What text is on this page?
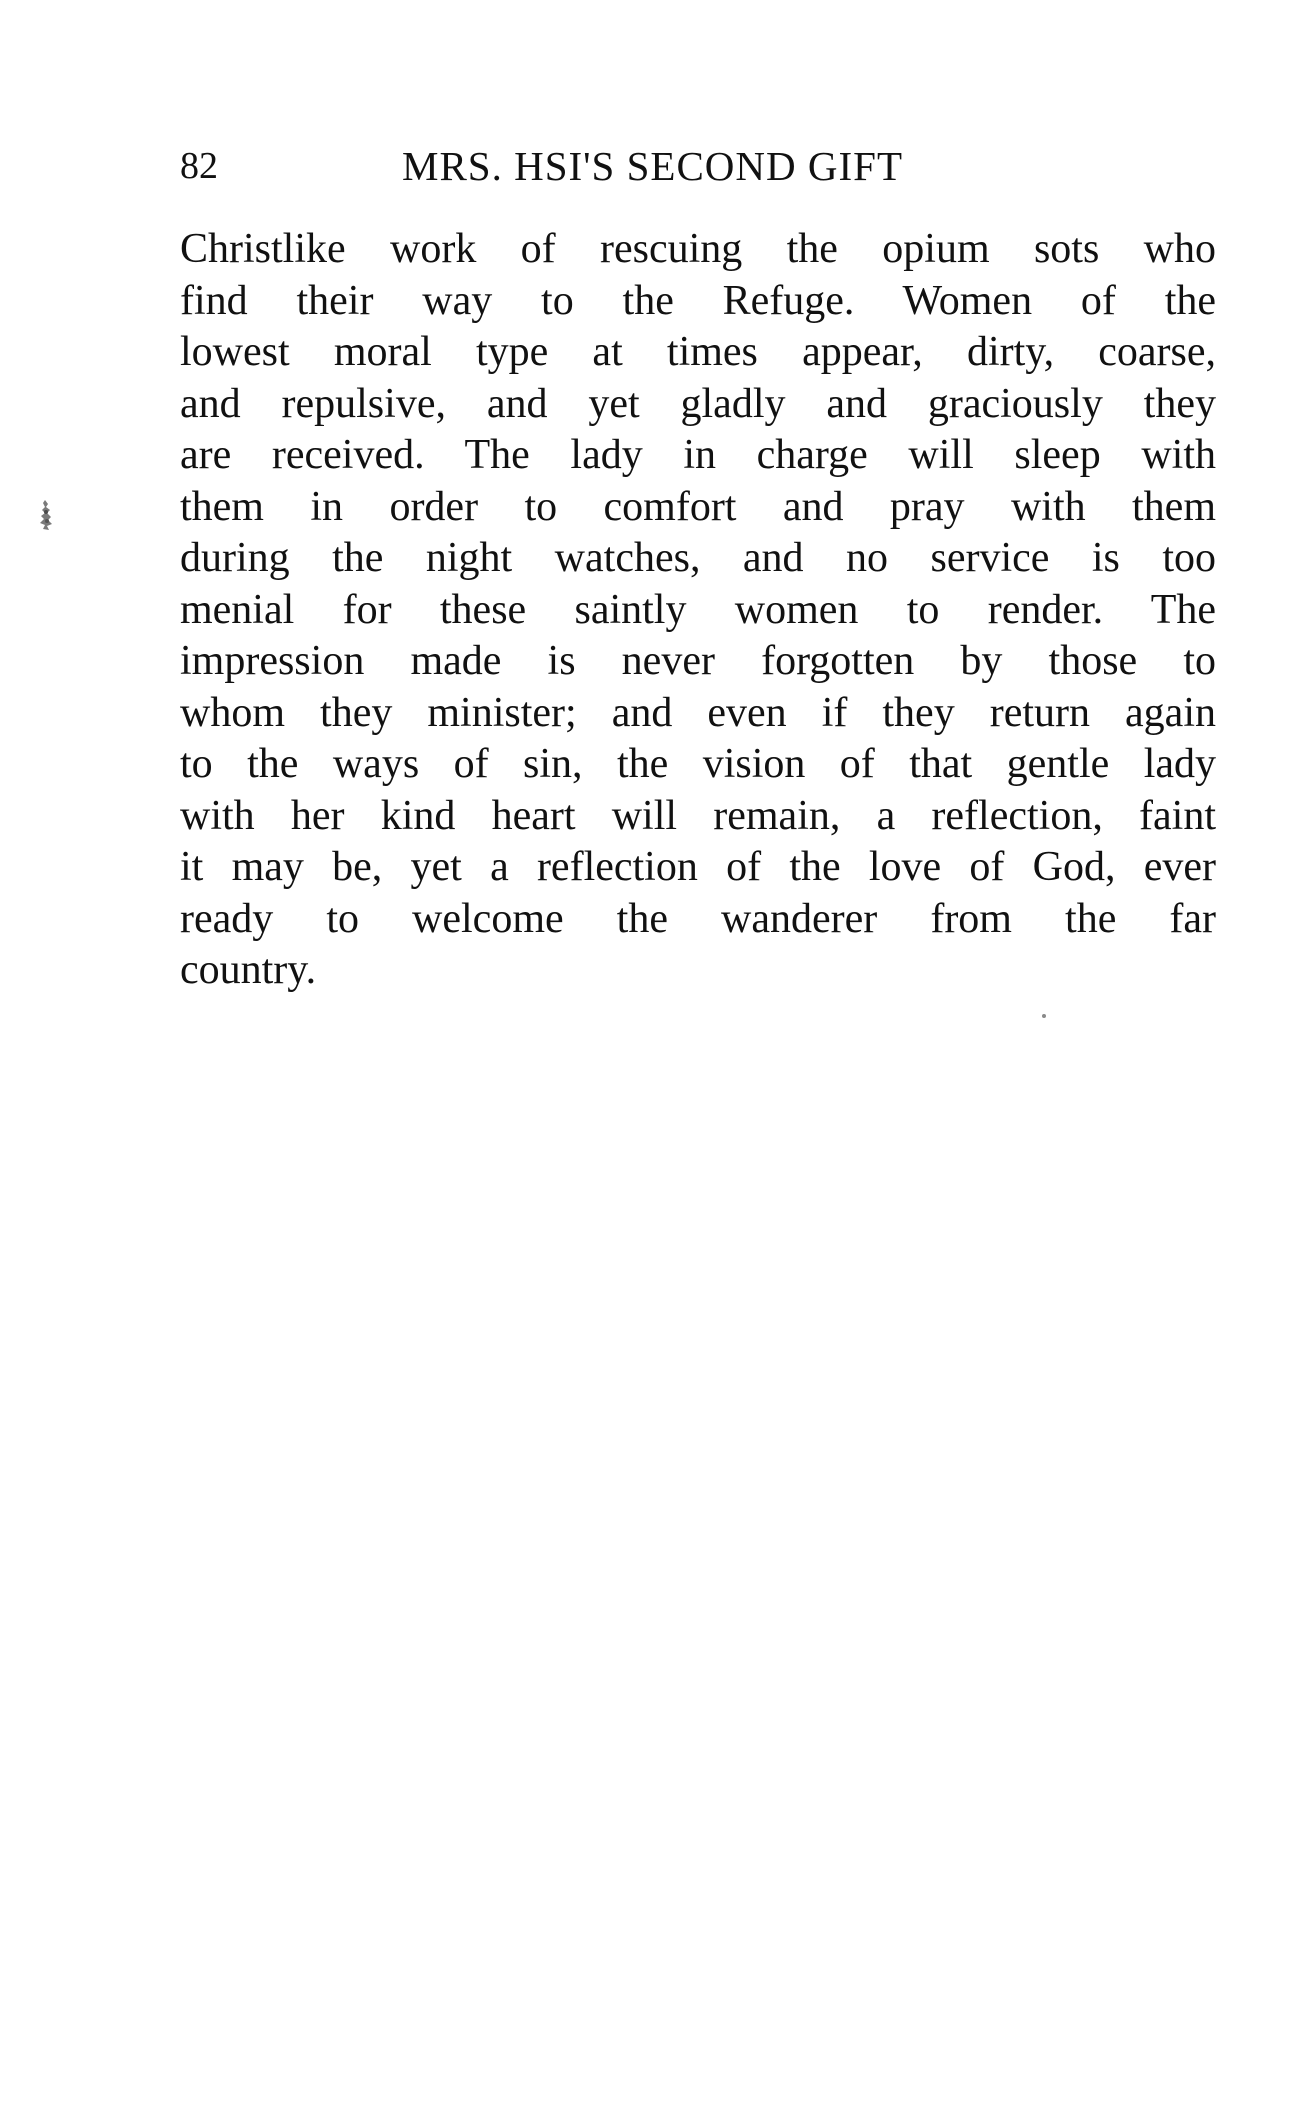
82	MRS. HSI'S SECOND GIFT
Christlike work of rescuing the opium sots who
find their way to the Refuge. Women of the
lowest moral type at times appear, dirty, coarse,
and repulsive, and yet gladly and graciously they
are received. The lady in charge will sleep with
them in order to comfort and pray with them
during the night watches, and no service is too
menial for these saintly women to render. The
impression made is never forgotten by those to
whom they minister; and even if they return again
to the ways of sin, the vision of that gentle lady
with her kind heart will remain, a reflection, faint
it may be, yet a reflection of the love of God, ever
ready to welcome the wanderer from the far
country.
